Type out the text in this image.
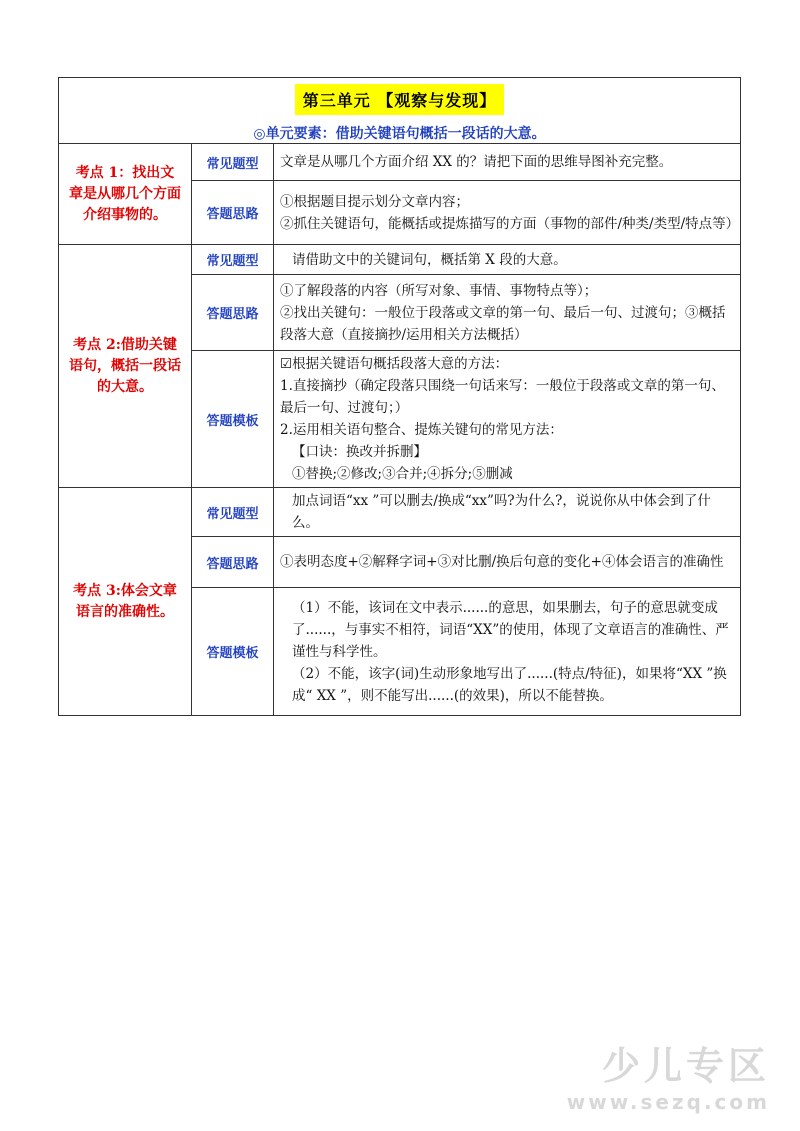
第三单元 【观察与发现】
◎单元要素：借助关键语句概括一段话的大意。		

考点 1：找出文章是从哪几个方面介绍事物的。	常见题型	文章是从哪几个方面介绍 XX 的？请把下面的思维导图补充完整。

	答题思路	①根据题目提示划分文章内容；
②抓住关键语句，能概括或提炼描写的方面（事物的部件/种类/类型/特点等）

考点 2:借助关键语句，概括一段话的大意。	常见题型	请借助文中的关键词句，概括第 X 段的大意。

	答题思路	①了解段落的内容（所写对象、事情、事物特点等）；
②找出关键句：一般位于段落或文章的第一句、最后一句、过渡句；③概括段落大意（直接摘抄/运用相关方法概括）

	答题模板	☑根据关键语句概括段落大意的方法：
1.直接摘抄（确定段落只围绕一句话来写：一般位于段落或文章的第一句、最后一句、过渡句；）
2.运用相关语句整合、提炼关键句的常见方法：
【口诀：换改并拆删】
①替换;②修改;③合并;④拆分;⑤删减

考点 3:体会文章语言的准确性。	常见题型	加点词语“xx ”可以删去/换成“xx”吗?为什么?，说说你从中体会到了什么。

	答题思路	①表明态度+②解释字词+③对比删/换后句意的变化+④体会语言的准确性

	答题模板	（1）不能，该词在文中表示......的意思，如果删去，句子的意思就变成了......，与事实不相符，词语“XX”的使用，体现了文章语言的准确性、严谨性与科学性。
（2）不能，该字(词)生动形象地写出了......(特点/特征)，如果将“XX ”换成“ XX ”，则不能写出......(的效果)，所以不能替换。
少儿专区
www.sezq.com
